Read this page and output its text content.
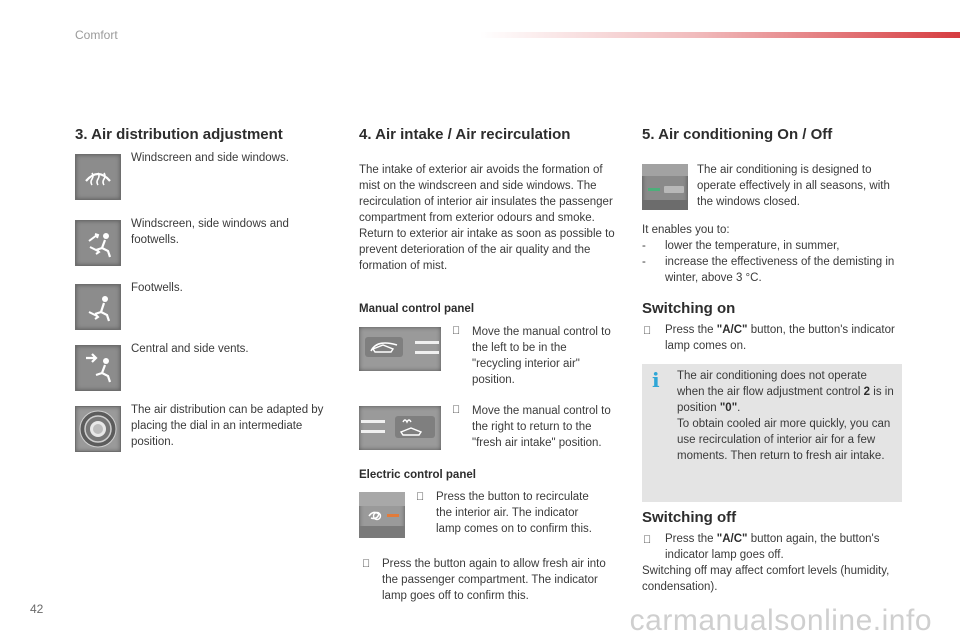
Comfort
42	carmanualsonline.info
3. Air distribution adjustment
Windscreen and side windows.
Windscreen, side windows and footwells.
Footwells.
Central and side vents.
The air distribution can be adapted by placing the dial in an intermediate position.
4. Air intake / Air recirculation
The intake of exterior air avoids the formation of mist on the windscreen and side windows. The recirculation of interior air insulates the passenger compartment from exterior odours and smoke. Return to exterior air intake as soon as possible to prevent deterioration of the air quality and the formation of mist.
Manual control panel
Move the manual control to the left to be in the "recycling interior air" position.
Move the manual control to the right to return to the "fresh air intake" position.
Electric control panel
Press the button to recirculate the interior air. The indicator lamp comes on to confirm this.
Press the button again to allow fresh air into the passenger compartment. The indicator lamp goes off to confirm this.
5. Air conditioning On / Off
The air conditioning is designed to operate effectively in all seasons, with the windows closed.
It enables you to:
- lower the temperature, in summer,
- increase the effectiveness of the demisting in winter, above 3 °C.
Switching on
Press the "A/C" button, the button's indicator lamp comes on.
i The air conditioning does not operate when the air flow adjustment control 2 is in position "0".
To obtain cooled air more quickly, you can use recirculation of interior air for a few moments. Then return to fresh air intake.
Switching off
Press the "A/C" button again, the button's indicator lamp goes off.
Switching off may affect comfort levels (humidity, condensation).
